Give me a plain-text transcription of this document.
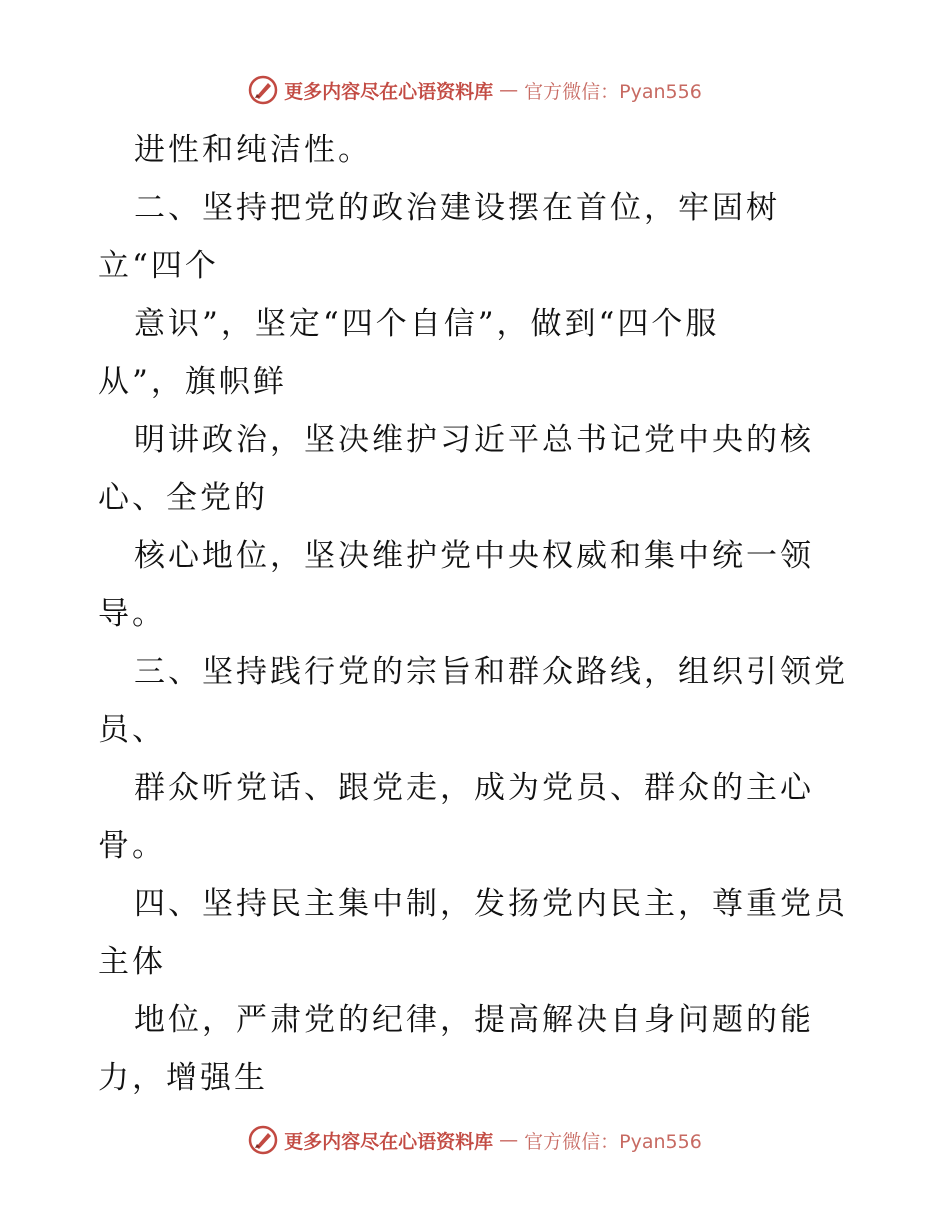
更多内容尽在心语资料库 — 官方微信：Pyan556
进性和纯洁性。
二、坚持把党的政治建设摆在首位，牢固树
立“四个
意识”，坚定“四个自信”，做到“四个服
从”，旗帜鲜
明讲政治，坚决维护习近平总书记党中央的核
心、全党的
核心地位，坚决维护党中央权威和集中统一领
导。
三、坚持践行党的宗旨和群众路线，组织引领党
员、
群众听党话、跟党走，成为党员、群众的主心
骨。
四、坚持民主集中制，发扬党内民主，尊重党员
主体
地位，严肃党的纪律，提高解决自身问题的能
力，增强生
更多内容尽在心语资料库 — 官方微信：Pyan556
